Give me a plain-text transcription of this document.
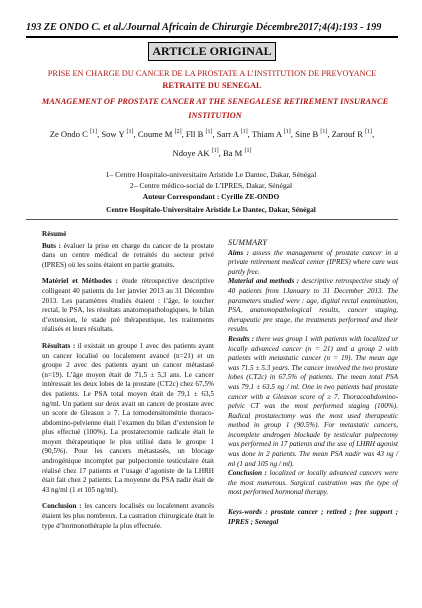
193 ZE ONDO C. et al./Journal Africain de Chirurgie Décembre2017;4(4):193 - 199
ARTICLE ORIGINAL
PRISE EN CHARGE DU CANCER DE LA PROSTATE A L’INSTITUTION DE PREVOYANCE
RETRAITE DU SENEGAL
MANAGEMENT OF PROSTATE CANCER AT THE SENEGALESE RETIREMENT INSURANCE INSTITUTION
Ze Ondo C [1], Sow Y [1], Coume M [2], Fll B [1], Sarr A [1], Thiam A [1], Sine B [1], Zarouf R [1], Ndoye AK [1], Ba M [1]
1– Centre Hospitalo-universitaire Aristide Le Dantec, Dakar, Sénégal
2– Centre médico-social de L’IPRES, Dakar, Sénégal
Auteur Correspondant : Cyrille ZE-ONDO
Centre Hospitalo-Universitaire Aristide Le Dantec, Dakar, Sénégal
Résumé
Buts : évaluer la prise en charge du cancer de la prostate dans un centre médical de retraités du secteur privé (IPRES) où les soins étaient en partie gratuits.
Matériel et Méthodes : étude rétrospective descriptive colligeant 40 patients du 1er janvier 2013 au 31 Décembre 2013. Les paramètres étudiés étaient : l’âge, le toucher rectal, le PSA, les résultats anatomopathologiques, le bilan d’extension, le stade pré thérapeutique, les traitements réalisés et leurs résultats.
Résultats : il existait un groupe 1 avec des patients ayant un cancer localisé ou localement avancé (n=21) et un groupe 2 avec des patients ayant un cancer métastasé (n=19). L’âge moyen était de 71,5 ± 5,3 ans. Le cancer intéressait les deux lobes de la prostate (CT2c) chez 67,5% des patients. Le PSA total moyen était de 79,1 ± 63,5 ng/ml. Un patient sur deux avait un cancer de prostate avec un score de Gleason ≥ 7. La tomodensitométrie thoraco-abdomino-pelvienne était l’examen du bilan d’extension le plus effectué (100%). La prostatectomie radicale était le moyen thérapeutique le plus utilisé dans le groupe 1 (90,5%). Pour les cancers métastasés, un blocage androgénique incomplet par pulpectomie testiculaire était réalisé chez 17 patients et l’usage d’agoniste de la LHRH était fait chez 2 patients. La moyenne du PSA nadir était de 43 ng/ml (1 et 105 ng/ml).
Conclusion : les cancers localisés ou localement avancés étaient les plus nombreux. La castration chirurgicale était le type d’hormonothérapie la plus effectuée.
SUMMARY
Aims : assess the management of prostate cancer in a private retirement medical center (IPRES) where care was partly free.
Material and methods : descriptive retrospective study of 40 patients from 1January to 31 December 2013. The parameters studied were : age, digital rectal examination, PSA, anatomopathological results, cancer staging, therapeutic pre stage, the treatments performed and their results.
Results : there was group 1 with patients with localized or locally advanced cancer (n = 21) and a group 2 with patients with metastatic cancer (n = 19). The mean age was 71.5 ± 5.3 years. The cancer involved the two prostate lobes (CT2c) in 67.5% of patients. The mean total PSA was 79.1 ± 63.5 ng / ml. One in two patients had prostate cancer with a Gleason score of ≥ 7. Thoracoabdomino-pelvic CT was the most performed staging (100%). Radical prostatectomy was the most used therapeutic method in group 1 (90.5%). For metastatic cancers, incomplete androgen blockade by testicular pulpectomy was performed in 17 patients and the use of LHRH agonist was done in 2 patients. The mean PSA nadir was 43 ng / ml (1 and 105 ng / ml).
Conclusion : localized or locally advanced cancers were the most numerous. Surgical castration was the type of most performed hormonal therapy.
Keys-words : prostate cancer ; retired ; free support ; IPRES ; Senegal
